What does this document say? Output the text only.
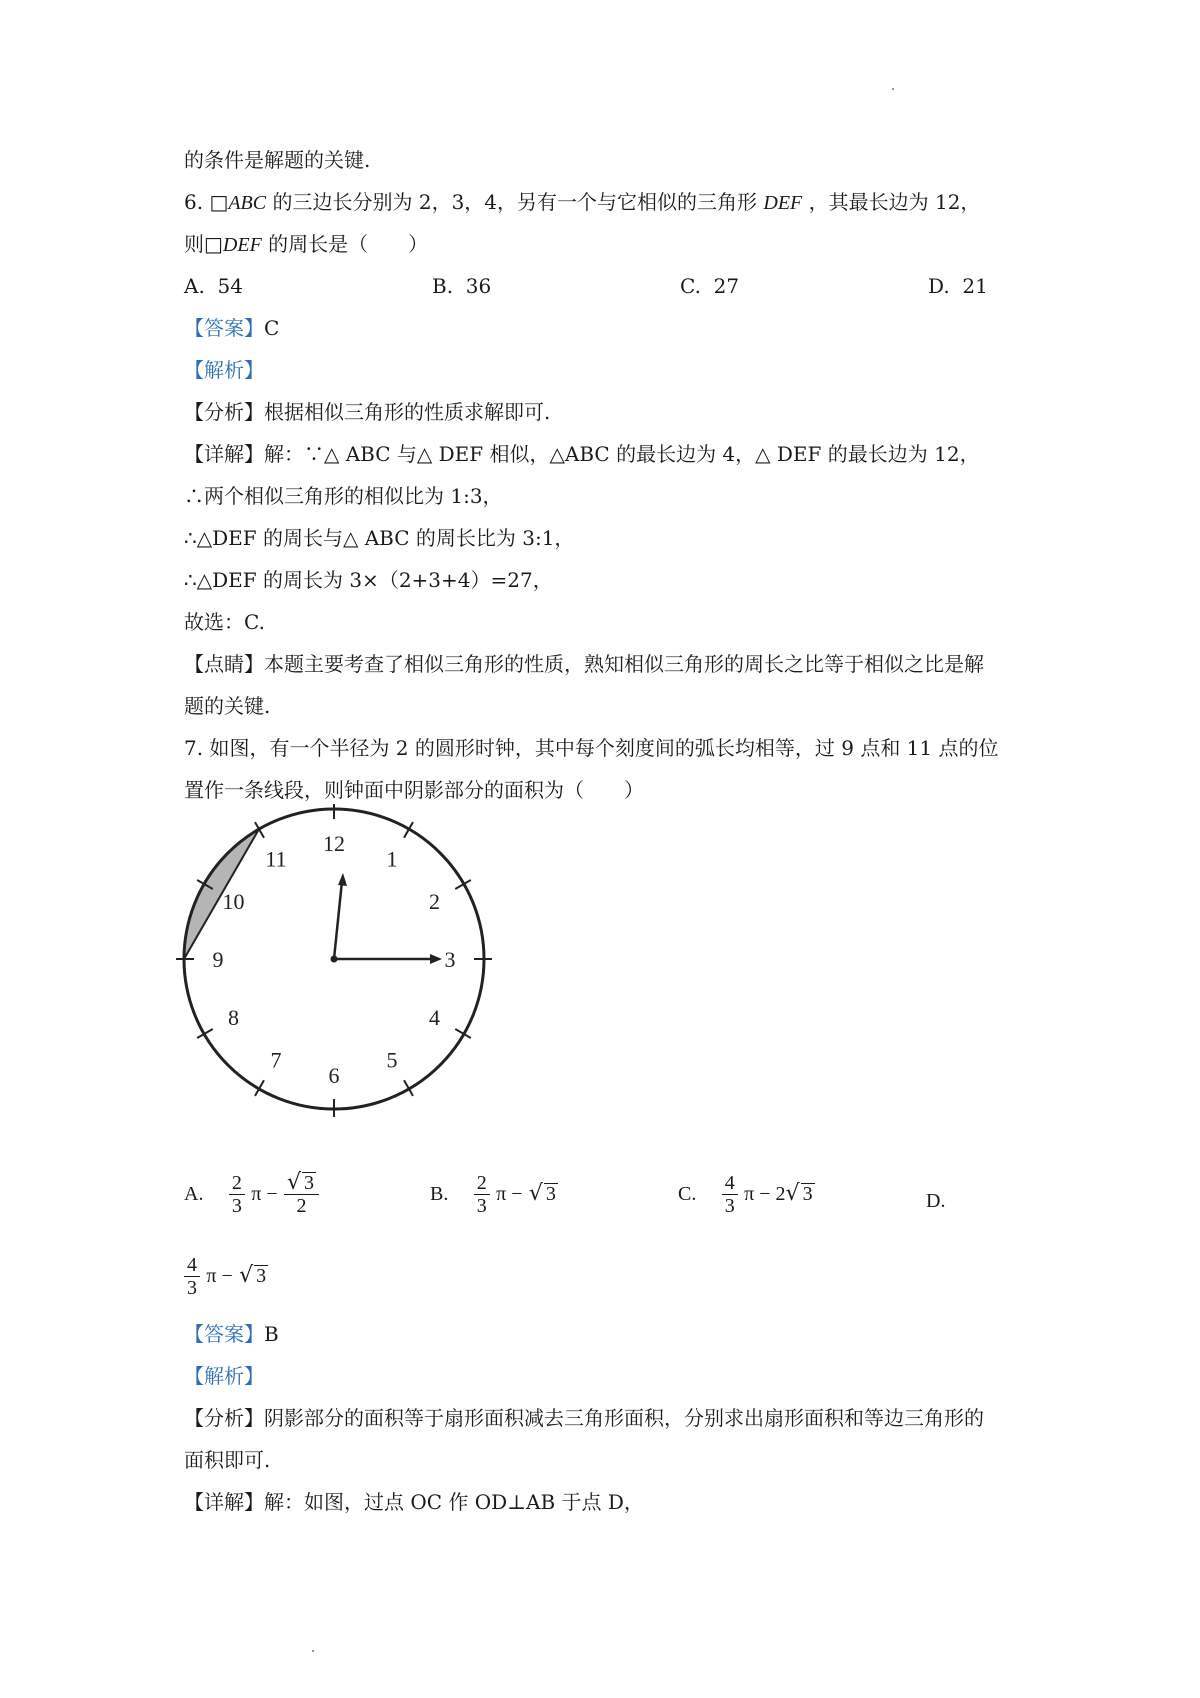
的条件是解题的关键.
6. □ABC 的三边长分别为 2，3，4，另有一个与它相似的三角形 DEF ，其最长边为 12，
则□DEF 的周长是（　　）
A. 54	B. 36	C. 27	D. 21
【答案】C
【解析】
【分析】根据相似三角形的性质求解即可.
【详解】解：∵△ ABC 与△ DEF 相似，△ABC 的最长边为 4，△ DEF 的最长边为 12，
∴两个相似三角形的相似比为 1:3，
∴△DEF 的周长与△ ABC 的周长比为 3:1，
∴△DEF 的周长为 3×（2+3+4）=27，
故选：C.
【点睛】本题主要考查了相似三角形的性质，熟知相似三角形的周长之比等于相似之比是解
题的关键.
7. 如图，有一个半径为 2 的圆形时钟，其中每个刻度间的弧长均相等，过 9 点和 11 点的位
置作一条线段，则钟面中阴影部分的面积为（　　）
12
1
2
3
4
5
6
7
8
9
10
11
A. $\frac{2}{3}$ $\pi - \frac{√ 3}{2}$	B. $\frac{2}{3}$ π − √ 3	C. $\frac{4}{3}$ π − 2√ 3	D.
$\frac{4}{3}$ π − √ 3
【答案】B
【解析】
【分析】阴影部分的面积等于扇形面积减去三角形面积，分别求出扇形面积和等边三角形的
面积即可.
【详解】解：如图，过点 OC 作 OD⊥AB 于点 D，
